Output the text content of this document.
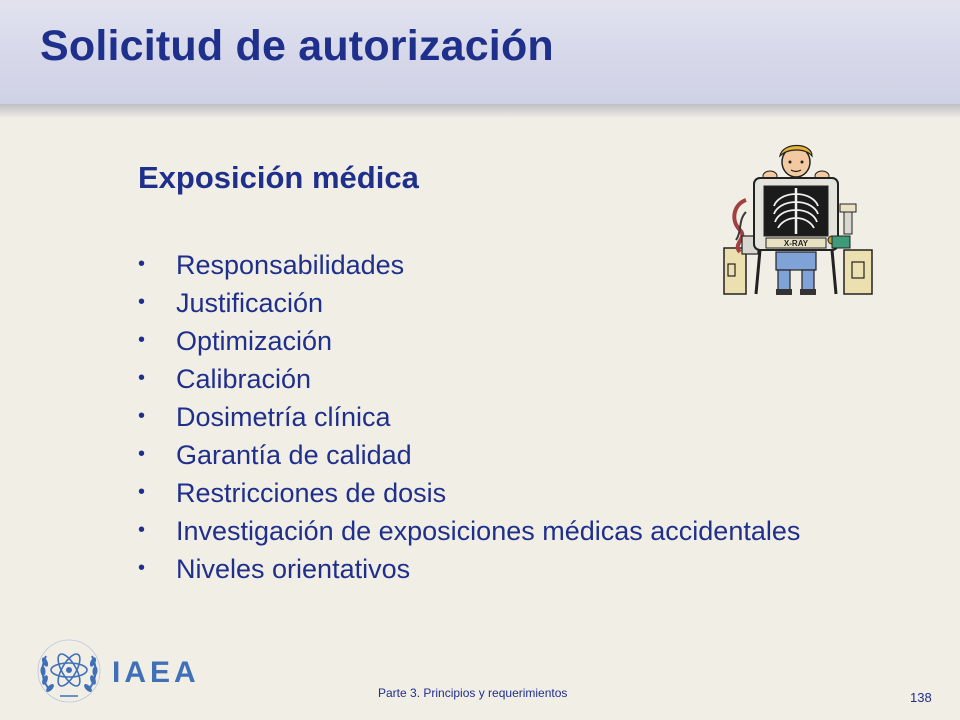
Solicitud de autorización
Exposición médica
• Responsabilidades
• Justificación
• Optimización
• Calibración
• Dosimetría clínica
• Garantía de calidad
• Restricciones de dosis
• Investigación de exposiciones médicas accidentales
• Niveles orientativos
X-RAY
IAEA
Parte 3. Principios y requerimientos	138
